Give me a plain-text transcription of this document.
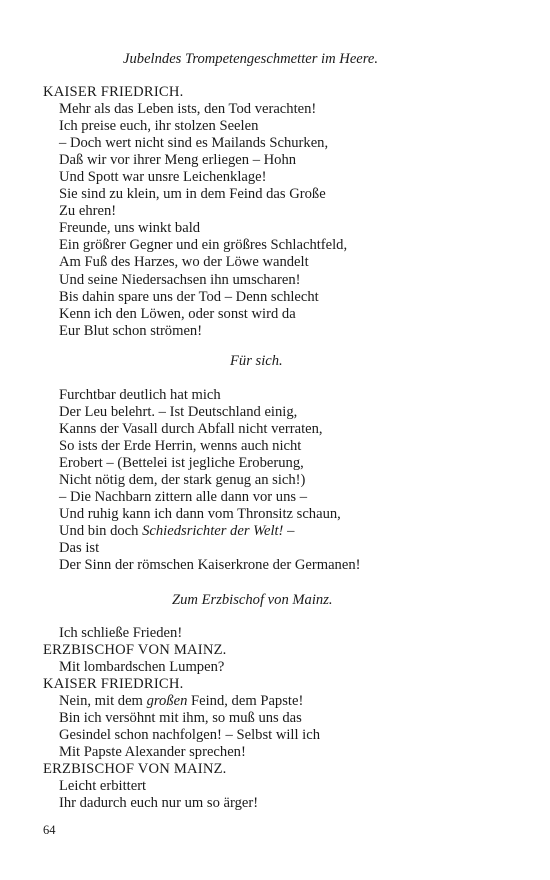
Jubelndes Trompetengeschmetter im Heere.
KAISER FRIEDRICH.
Mehr als das Leben ists, den Tod verachten!
Ich preise euch, ihr stolzen Seelen
– Doch wert nicht sind es Mailands Schurken,
Daß wir vor ihrer Meng erliegen – Hohn
Und Spott war unsre Leichenklage!
Sie sind zu klein, um in dem Feind das Große
Zu ehren!
Freunde, uns winkt bald
Ein größrer Gegner und ein größres Schlachtfeld,
Am Fuß des Harzes, wo der Löwe wandelt
Und seine Niedersachsen ihn umscharen!
Bis dahin spare uns der Tod – Denn schlecht
Kenn ich den Löwen, oder sonst wird da
Eur Blut schon strömen!
Für sich.
Furchtbar deutlich hat mich
Der Leu belehrt. – Ist Deutschland einig,
Kanns der Vasall durch Abfall nicht verraten,
So ists der Erde Herrin, wenns auch nicht
Erobert – (Bettelei ist jegliche Eroberung,
Nicht nötig dem, der stark genug an sich!)
– Die Nachbarn zittern alle dann vor uns –
Und ruhig kann ich dann vom Thronsitz schaun,
Und bin doch Schiedsrichter der Welt! –
Das ist
Der Sinn der römschen Kaiserkrone der Germanen!
Zum Erzbischof von Mainz.
Ich schließe Frieden!
ERZBISCHOF VON MAINZ.
Mit lombardschen Lumpen?
KAISER FRIEDRICH.
Nein, mit dem großen Feind, dem Papste!
Bin ich versöhnt mit ihm, so muß uns das
Gesindel schon nachfolgen! – Selbst will ich
Mit Papste Alexander sprechen!
ERZBISCHOF VON MAINZ.
Leicht erbittert
Ihr dadurch euch nur um so ärger!
64
